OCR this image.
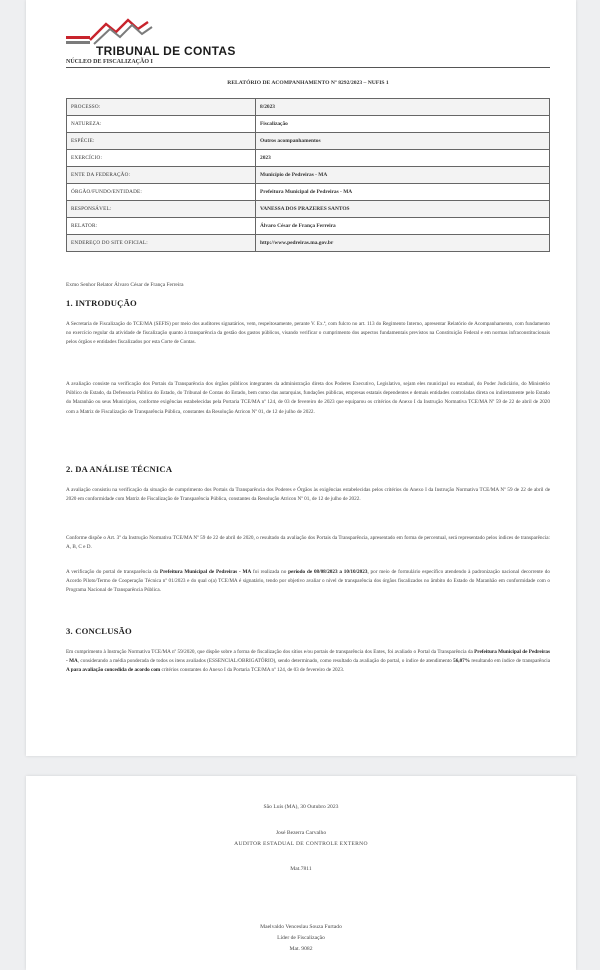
TRIBUNAL DE CONTAS
NÚCLEO DE FISCALIZAÇÃO I
RELATÓRIO DE ACOMPANHAMENTO Nº 8292/2023 – NUFIS 1
PROCESSO:	8/2023
NATUREZA:	Fiscalização
ESPÉCIE:	Outros acompanhamentos
EXERCÍCIO:	2023
ENTE DA FEDERAÇÃO:	Município de Pedreiras - MA
ÓRGÃO/FUNDO/ENTIDADE:	Prefeitura Municipal de Pedreiras - MA
RESPONSÁVEL:	VANESSA DOS PRAZERES SANTOS
RELATOR:	Álvaro César de França Ferreira
ENDEREÇO DO SITE OFICIAL:	http://www.pedreiras.ma.gov.br
Exmo Senhor Relator Álvaro César de França Ferreira
1. INTRODUÇÃO

A Secretaria de Fiscalização do TCE/MA (SEFIS) por meio dos auditores signatários, vem, respeitosamente, perante V. Ex.ª, com fulcro no art. 113 do Regimento Interno, apresentar Relatório de Acompanhamento, com fundamento no exercício regular da atividade de fiscalização quanto à transparência da gestão dos gastos públicos, visando verificar o cumprimento dos aspectos fundamentais previstos na Constituição Federal e em normas infraconstitucionais pelos órgãos e entidades fiscalizados por esta Corte de Contas.

A avaliação consiste na verificação dos Portais da Transparência dos órgãos públicos integrantes da administração direta dos Poderes Executivo, Legislativo, sejam eles municipal ou estadual, do Poder Judiciário, do Ministério Público do Estado, da Defensoria Pública do Estado, do Tribunal de Contas do Estado, bem como das autarquias, fundações públicas, empresas estatais dependentes e demais entidades controladas direta ou indiretamente pelo Estado do Maranhão ou seus Municípios, conforme exigências estabelecidas pela Portaria TCE/MA nº 124, de 03 de fevereiro de 2023 que equiparou os critérios do Anexo I da Instrução Normativa TCE/MA Nº 59 de 22 de abril de 2020 com a Matriz de Fiscalização de Transparência Pública, constantes da Resolução Atricon Nº 01, de 12 de julho de 2022.

2. DA ANÁLISE TÉCNICA

A avaliação consistiu na verificação da situação de cumprimento dos Portais da Transparência dos Poderes e Órgãos às exigências estabelecidas pelos critérios do Anexo I da Instrução Normativa TCE/MA Nº 59 de 22 de abril de 2020 em conformidade com Matriz de Fiscalização de Transparência Pública, constantes da Resolução Atricon Nº 01, de 12 de julho de 2022.

Conforme dispõe o Art. 3º da Instrução Normativa TCE/MA Nº 59 de 22 de abril de 2020, o resultado da avaliação dos Portais da Transparência, apresentado em forma de percentual, será representado pelos índices de transparência: A, B, C e D.

A verificação do portal de transparência da Prefeitura Municipal de Pedreiras - MA foi realizada no período de 08/08/2023 a 10/10/2023, por meio de formulário específico atendendo à padronização nacional decorrente do Acordo Piloto/Termo de Cooperação Técnica nº 01/2023 e do qual o(a) TCE/MA é signatário, tendo por objetivo avaliar o nível de transparência dos órgãos fiscalizados no âmbito do Estado do Maranhão em conformidade com o Programa Nacional de Transparência Pública.

3. CONCLUSÃO

Em cumprimento à Instrução Normativa TCE/MA nº 59/2020, que dispõe sobre a forma de fiscalização dos sítios e/ou portais de transparência dos Entes, foi avaliado o Portal da Transparência da Prefeitura Municipal de Pedreiras - MA, considerando a média ponderada de todos os itens avaliados (ESSENCIAL/OBRIGATÓRIO), sendo determinado, como resultado da avaliação do portal, o índice de atendimento 56,07% resultando em índice de transparência A para avaliação concedida de acordo com critérios constantes do Anexo I da Portaria TCE/MA nº 124, de 03 de fevereiro de 2023.

São Luís (MA), 30 Outubro 2023
José Bezerra Carvalho
AUDITOR ESTADUAL DE CONTROLE EXTERNO
Mat.7811
Maelvaldo Venceslau Souza Furtado
Líder de Fiscalização
Mat. 9082
